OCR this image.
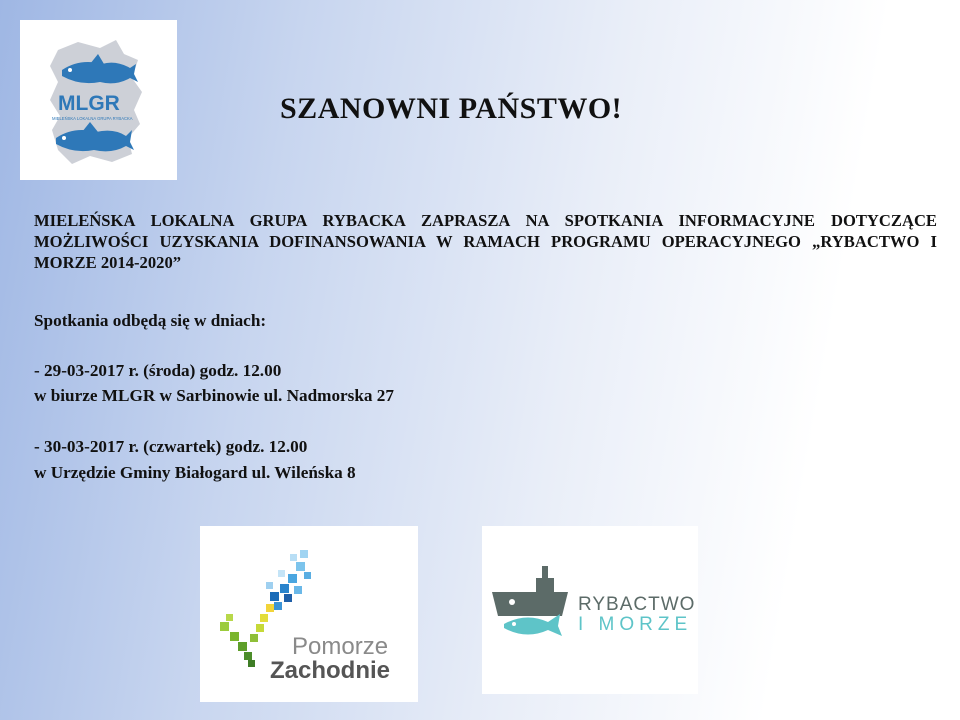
MLGR
MIELEŃSKA LOKALNA GRUPA RYBACKA	SZANOWNI PAŃSTWO!

MIELEŃSKA LOKALNA GRUPA RYBACKA ZAPRASZA NA SPOTKANIA INFORMACYJNE DOTYCZĄCE MOŻLIWOŚCI UZYSKANIA DOFINANSOWANIA W RAMACH PROGRAMU OPERACYJNEGO „RYBACTWO I MORZE 2014-2020”

Spotkania odbędą się w dniach:

- 29-03-2017 r. (środa) godz. 12.00

w biurze MLGR w Sarbinowie ul. Nadmorska 27

- 30-03-2017 r. (czwartek) godz. 12.00

w Urzędzie Gminy Białogard ul. Wileńska 8

Pomorze
Zachodnie
RYBACTWO
I MORZE
